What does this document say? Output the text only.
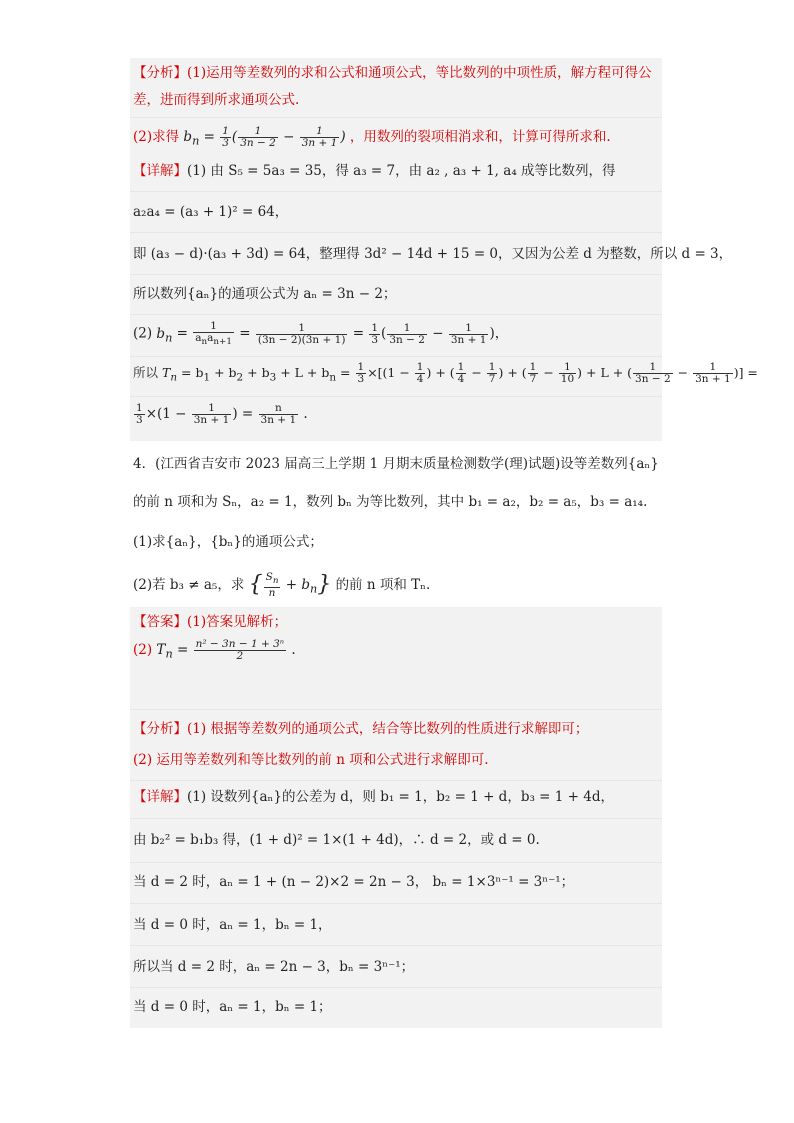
【分析】(1)运用等差数列的求和公式和通项公式，等比数列的中项性质，解方程可得公
差，进而得到所求通项公式.
(2)求得 $b_n = \frac{1}{3}$ ( $\frac{1}{3n - 2} - \frac{1}{3n + 1}$ ) ，用数列的裂项相消求和，计算可得所求和.
【详解】(1) 由 S₅ = 5a₃ = 35，得 a₃ = 7，由 a₂ , a₃ + 1, a₄ 成等比数列，得
a₂a₄ = (a₃ + 1)² = 64，
即 (a₃ − d)·(a₃ + 3d) = 64，整理得 3d² − 14d + 15 = 0，又因为公差 d 为整数，所以 d = 3，
所以数列{aₙ}的通项公式为 aₙ = 3n − 2；
(2) $b_n = \frac{1}{a_na_{n+1}} = \frac{1}{(3n - 2)(3n + 1)} = \frac{1}{3}$ ( $\frac{1}{3n - 2} - \frac{1}{3n + 1}$ )，
所以 $T_n = b_1 + b_2 + b_3 + L + b_n = \frac{1}{3} \times[(1 - \frac{1}{4}$ ) + ( $\frac{1}{4} - \frac{1}{7}$ ) + ( $\frac{1}{7} - \frac{1}{10}$ ) + L + ( $\frac{1}{3n - 2} - \frac{1}{3n + 1}$ )] =
$\frac{1}{3} \times(1 - \frac{1}{3n + 1}$ ) = $\frac{n}{3n + 1}$ .
4．(江西省吉安市 2023 届高三上学期 1 月期末质量检测数学(理)试题)设等差数列{aₙ}
的前 n 项和为 Sₙ，a₂ = 1，数列 bₙ 为等比数列，其中 b₁ = a₂，b₂ = a₅，b₃ = a₁₄.
(1)求{aₙ}，{bₙ}的通项公式；
(2)若 b₃ ≠ a₅，求 { $\frac{S_n}{n} + b_n$} 的前 n 项和 Tₙ.
【答案】(1)答案见解析；
(2) $T_n = \frac{\text{n² − 3n − 1 + 3ⁿ}}{2}$ .
【分析】(1) 根据等差数列的通项公式，结合等比数列的性质进行求解即可；
(2) 运用等差数列和等比数列的前 n 项和公式进行求解即可.
【详解】(1) 设数列{aₙ}的公差为 d，则 b₁ = 1，b₂ = 1 + d，b₃ = 1 + 4d，
由 b₂² = b₁b₃ 得，(1 + d)² = 1×(1 + 4d)，∴ d = 2，或 d = 0.
当 d = 2 时，aₙ = 1 + (n − 2)×2 = 2n − 3， bₙ = 1×3ⁿ⁻¹ = 3ⁿ⁻¹；
当 d = 0 时，aₙ = 1，bₙ = 1，
所以当 d = 2 时，aₙ = 2n − 3，bₙ = 3ⁿ⁻¹；
当 d = 0 时，aₙ = 1，bₙ = 1；
